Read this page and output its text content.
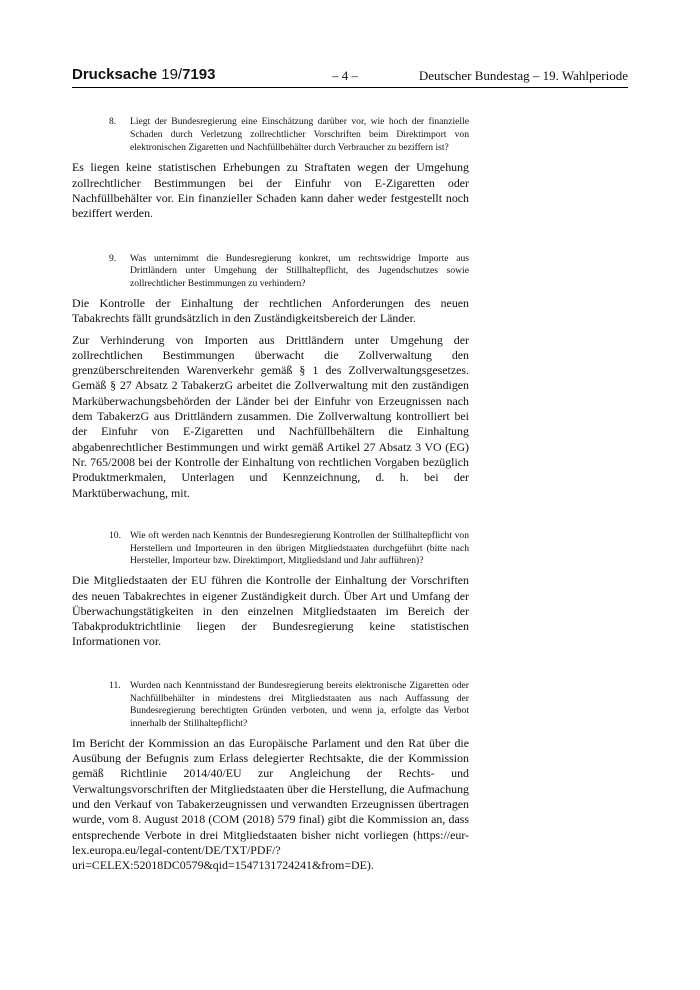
Drucksache 19/7193	– 4 –	Deutscher Bundestag – 19. Wahlperiode
8. Liegt der Bundesregierung eine Einschätzung darüber vor, wie hoch der finanzielle Schaden durch Verletzung zollrechtlicher Vorschriften beim Direktimport von elektronischen Zigaretten und Nachfüllbehälter durch Verbraucher zu beziffern ist?

Es liegen keine statistischen Erhebungen zu Straftaten wegen der Umgehung zollrechtlicher Bestimmungen bei der Einfuhr von E-Zigaretten oder Nachfüllbehälter vor. Ein finanzieller Schaden kann daher weder festgestellt noch beziffert werden.

9. Was unternimmt die Bundesregierung konkret, um rechtswidrige Importe aus Drittländern unter Umgehung der Stillhaltepflicht, des Jugendschutzes sowie zollrechtlicher Bestimmungen zu verhindern?

Die Kontrolle der Einhaltung der rechtlichen Anforderungen des neuen Tabakrechts fällt grundsätzlich in den Zuständigkeitsbereich der Länder.

Zur Verhinderung von Importen aus Drittländern unter Umgehung der zollrechtlichen Bestimmungen überwacht die Zollverwaltung den grenzüberschreitenden Warenverkehr gemäß § 1 des Zollverwaltungsgesetzes. Gemäß § 27 Absatz 2 TabakerzG arbeitet die Zollverwaltung mit den zuständigen Marküberwachungsbehörden der Länder bei der Einfuhr von Erzeugnissen nach dem TabakerzG aus Drittländern zusammen. Die Zollverwaltung kontrolliert bei der Einfuhr von E-Zigaretten und Nachfüllbehältern die Einhaltung abgabenrechtlicher Bestimmungen und wirkt gemäß Artikel 27 Absatz 3 VO (EG) Nr. 765/2008 bei der Kontrolle der Einhaltung von rechtlichen Vorgaben bezüglich Produktmerkmalen, Unterlagen und Kennzeichnung, d. h. bei der Marktüberwachung, mit.

10. Wie oft werden nach Kenntnis der Bundesregierung Kontrollen der Stillhaltepflicht von Herstellern und Importeuren in den übrigen Mitgliedstaaten durchgeführt (bitte nach Hersteller, Importeur bzw. Direktimport, Mitgliedsland und Jahr aufführen)?

Die Mitgliedstaaten der EU führen die Kontrolle der Einhaltung der Vorschriften des neuen Tabakrechtes in eigener Zuständigkeit durch. Über Art und Umfang der Überwachungstätigkeiten in den einzelnen Mitgliedstaaten im Bereich der Tabakproduktrichtlinie liegen der Bundesregierung keine statistischen Informationen vor.

11. Wurden nach Kenntnisstand der Bundesregierung bereits elektronische Zigaretten oder Nachfüllbehälter in mindestens drei Mitgliedstaaten aus nach Auffassung der Bundesregierung berechtigten Gründen verboten, und wenn ja, erfolgte das Verbot innerhalb der Stillhaltepflicht?

Im Bericht der Kommission an das Europäische Parlament und den Rat über die Ausübung der Befugnis zum Erlass delegierter Rechtsakte, die der Kommission gemäß Richtlinie 2014/40/EU zur Angleichung der Rechts- und Verwaltungsvorschriften der Mitgliedstaaten über die Herstellung, die Aufmachung und den Verkauf von Tabakerzeugnissen und verwandten Erzeugnissen übertragen wurde, vom 8. August 2018 (COM (2018) 579 final) gibt die Kommission an, dass entsprechende Verbote in drei Mitgliedstaaten bisher nicht vorliegen (https://eur-lex.europa.eu/legal-content/DE/TXT/PDF/?uri=CELEX:52018DC0579&qid=1547131724241&from=DE).
